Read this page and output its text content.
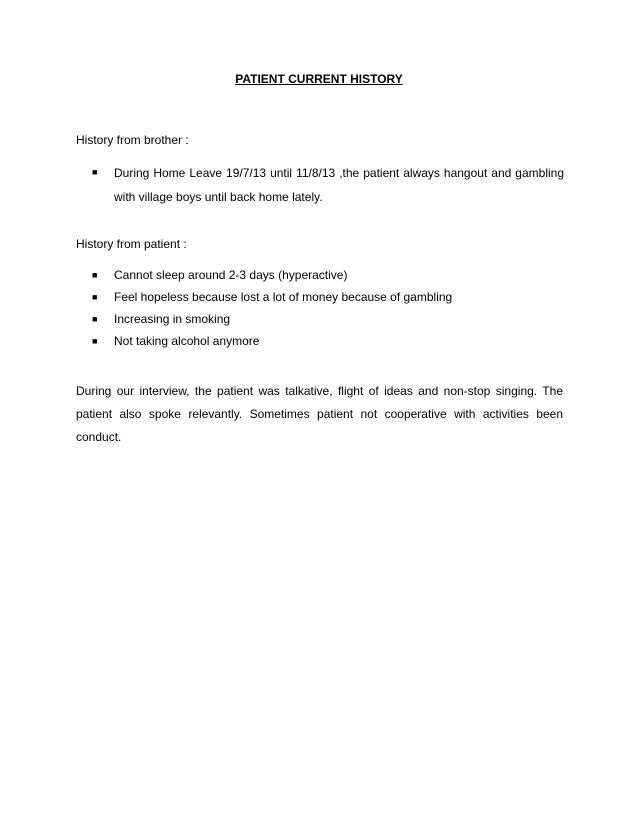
PATIENT CURRENT HISTORY
History from brother :
■ During Home Leave 19/7/13 until 11/8/13 ,the patient always hangout and gambling with village boys until back home lately.
History from patient :
■ Cannot sleep around 2-3 days (hyperactive)
■ Feel hopeless because lost a lot of money because of gambling
■ Increasing in smoking
■ Not taking alcohol anymore

During our interview, the patient was talkative, flight of ideas and non-stop singing. The patient also spoke relevantly. Sometimes patient not cooperative with activities been conduct.
